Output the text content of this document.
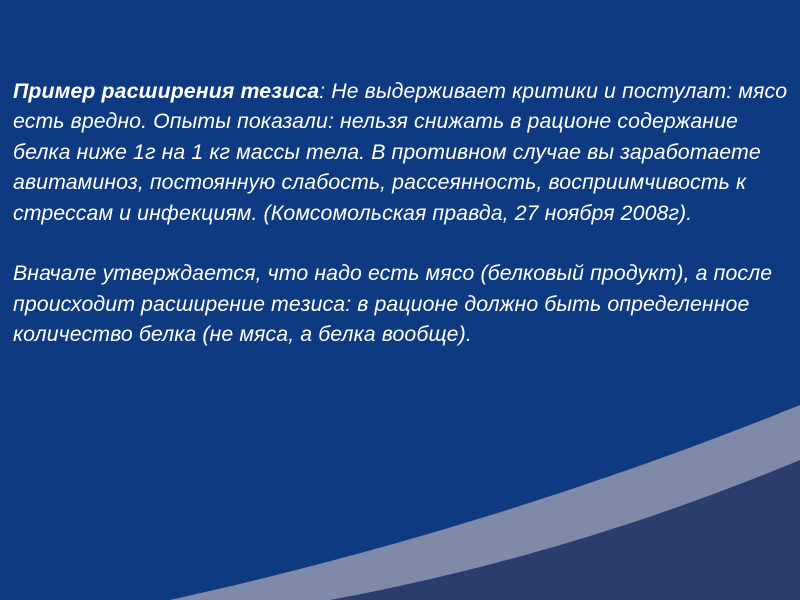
Пример расширения тезиса: Не выдерживает критики и постулат: мясо есть вредно. Опыты показали: нельзя снижать в рационе содержание белка ниже 1г на 1 кг массы тела. В противном случае вы заработаете авитаминоз, постоянную слабость, рассеянность, восприимчивость к стрессам и инфекциям. (Комсомольская правда, 27 ноября 2008г).

Вначале утверждается, что надо есть мясо (белковый продукт), а после происходит расширение тезиса: в рационе должно быть определенное количество белка (не мяса, а белка вообще).
